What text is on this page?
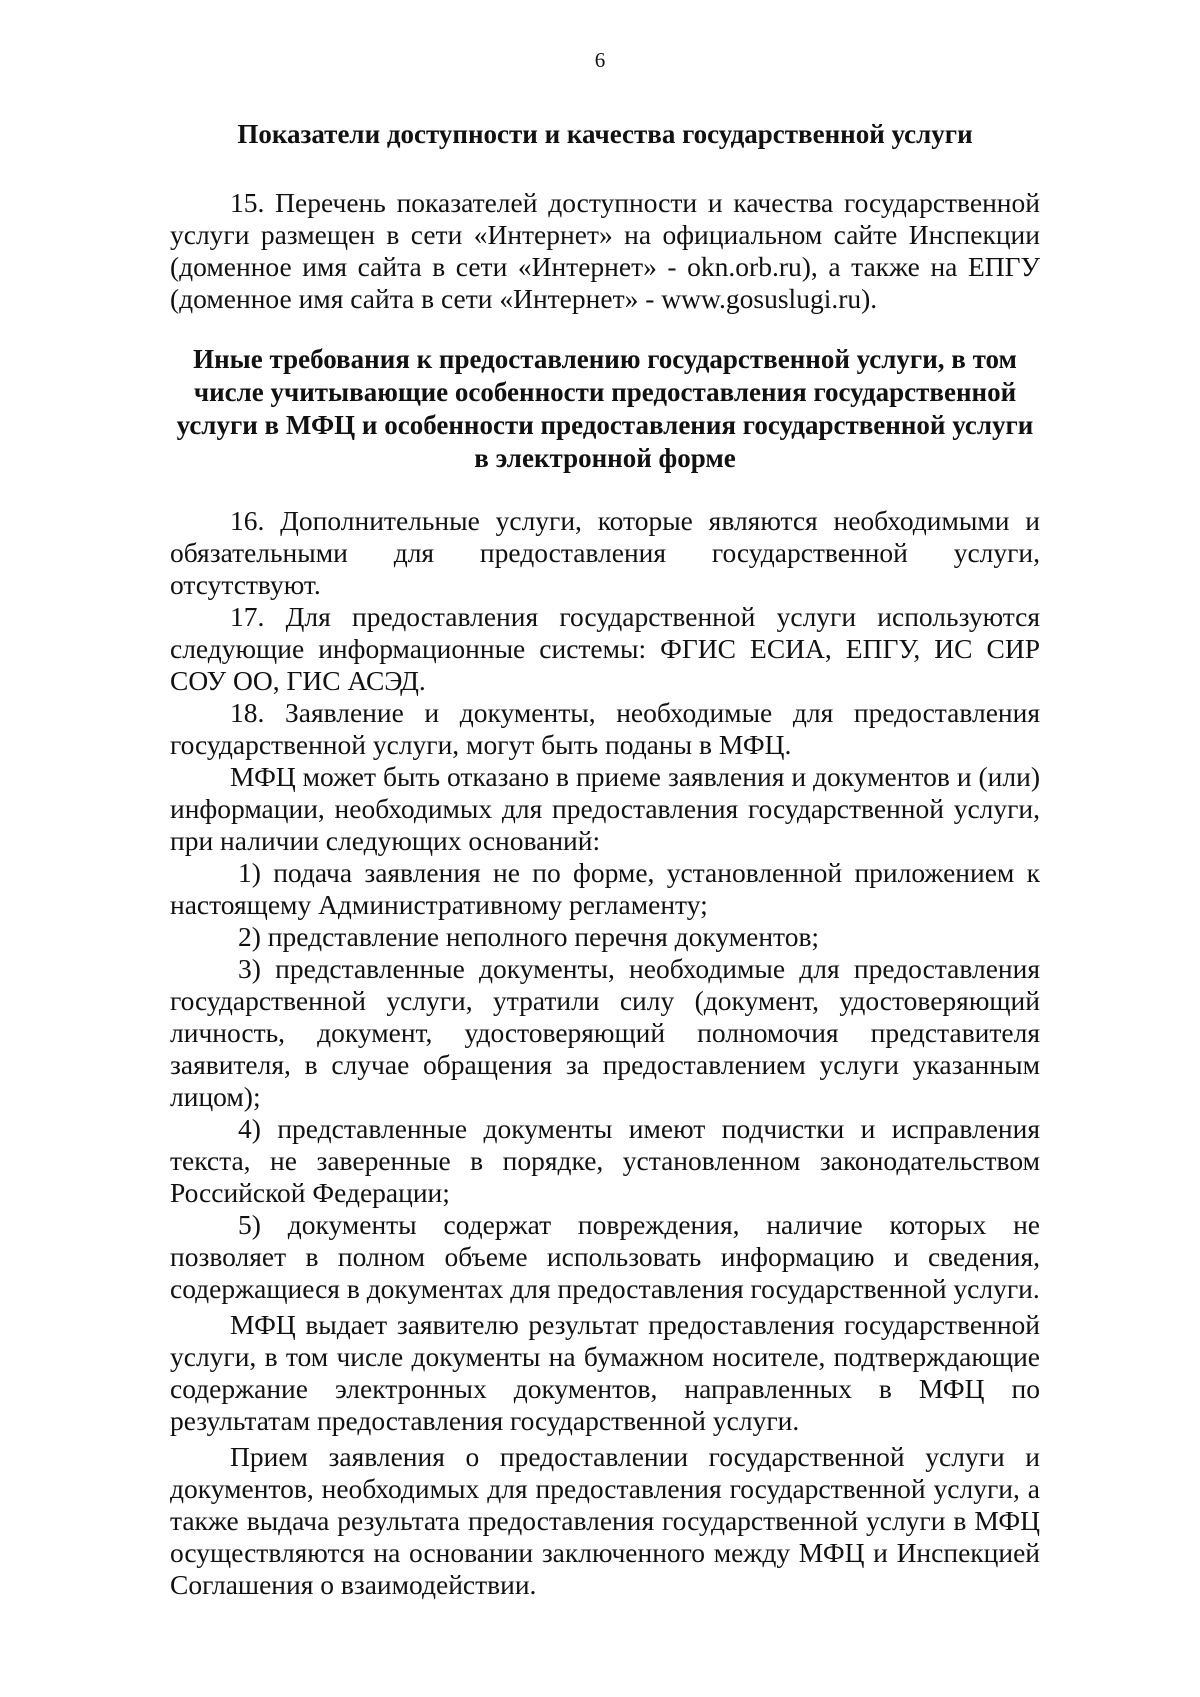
6
Показатели доступности и качества государственной услуги

15. Перечень показателей доступности и качества государственной услуги размещен в сети «Интернет» на официальном сайте Инспекции (доменное имя сайта в сети «Интернет» - okn.orb.ru), а также на ЕПГУ (доменное имя сайта в сети «Интернет» - www.gosuslugi.ru).

Иные требования к предоставлению государственной услуги, в том числе учитывающие особенности предоставления государственной услуги в МФЦ и особенности предоставления государственной услуги в электронной форме

16. Дополнительные услуги, которые являются необходимыми и обязательными для предоставления государственной услуги, отсутствуют.

17. Для предоставления государственной услуги используются следующие информационные системы: ФГИС ЕСИА, ЕПГУ, ИС СИР СОУ ОО, ГИС АСЭД.

18. Заявление и документы, необходимые для предоставления государственной услуги, могут быть поданы в МФЦ.

МФЦ может быть отказано в приеме заявления и документов и (или) информации, необходимых для предоставления государственной услуги, при наличии следующих оснований:

1) подача заявления не по форме, установленной приложением к настоящему Административному регламенту;

2) представление неполного перечня документов;

3) представленные документы, необходимые для предоставления государственной услуги, утратили силу (документ, удостоверяющий личность, документ, удостоверяющий полномочия представителя заявителя, в случае обращения за предоставлением услуги указанным лицом);

4) представленные документы имеют подчистки и исправления текста, не заверенные в порядке, установленном законодательством Российской Федерации;

5) документы содержат повреждения, наличие которых не позволяет в полном объеме использовать информацию и сведения, содержащиеся в документах для предоставления государственной услуги.

МФЦ выдает заявителю результат предоставления государственной услуги, в том числе документы на бумажном носителе, подтверждающие содержание электронных документов, направленных в МФЦ по результатам предоставления государственной услуги.

Прием заявления о предоставлении государственной услуги и документов, необходимых для предоставления государственной услуги, а также выдача результата предоставления государственной услуги в МФЦ осуществляются на основании заключенного между МФЦ и Инспекцией Соглашения о взаимодействии.
